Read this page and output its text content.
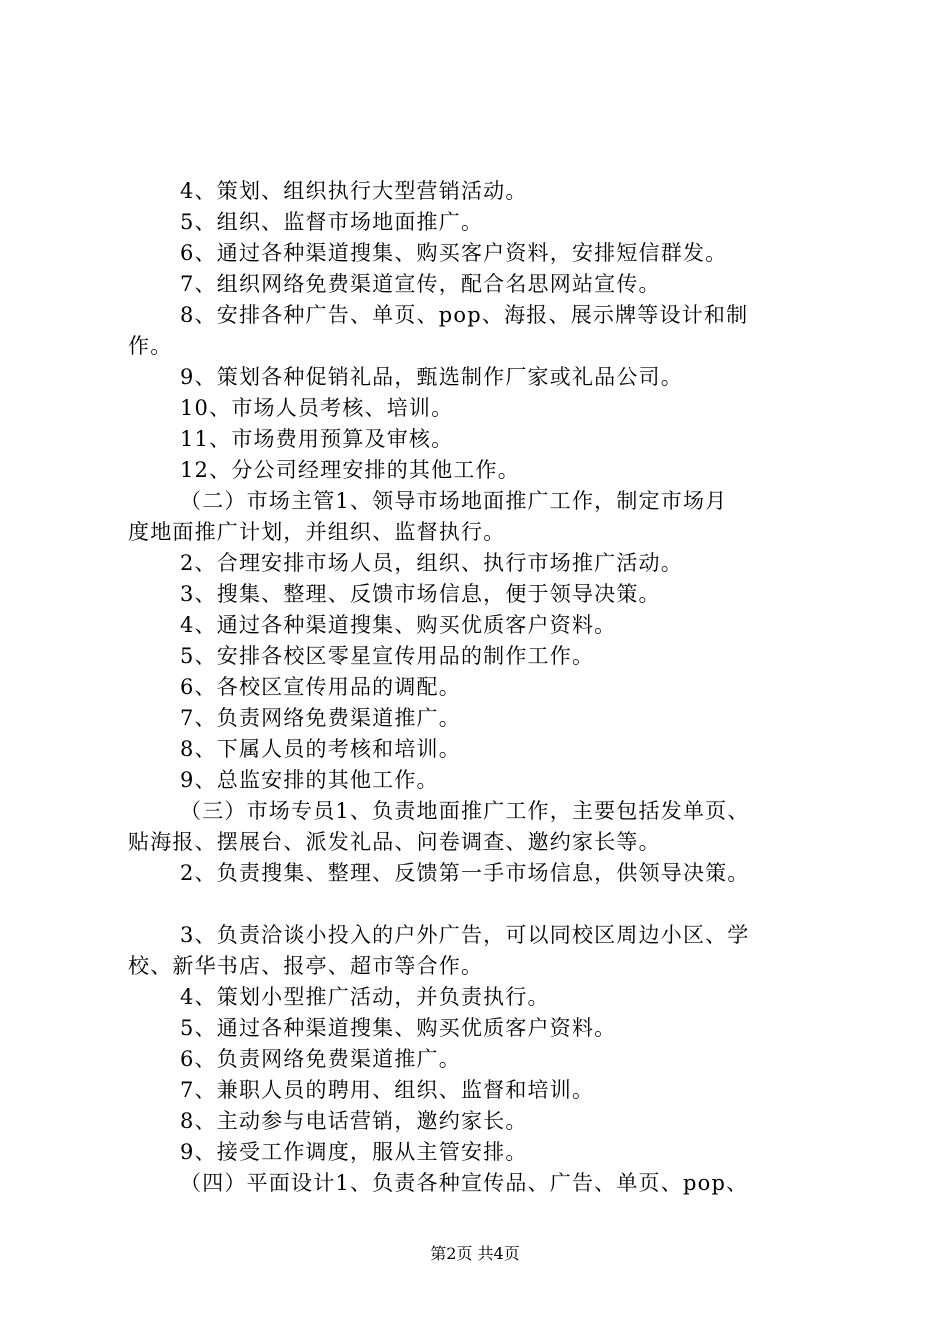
4、策划、组织执行大型营销活动。
5、组织、监督市场地面推广。
6、通过各种渠道搜集、购买客户资料，安排短信群发。
7、组织网络免费渠道宣传，配合名思网站宣传。
8、安排各种广告、单页、pop、海报、展示牌等设计和制
作。
9、策划各种促销礼品，甄选制作厂家或礼品公司。
10、市场人员考核、培训。
11、市场费用预算及审核。
12、分公司经理安排的其他工作。
（二）市场主管1、领导市场地面推广工作，制定市场月
度地面推广计划，并组织、监督执行。
2、合理安排市场人员，组织、执行市场推广活动。
3、搜集、整理、反馈市场信息，便于领导决策。
4、通过各种渠道搜集、购买优质客户资料。
5、安排各校区零星宣传用品的制作工作。
6、各校区宣传用品的调配。
7、负责网络免费渠道推广。
8、下属人员的考核和培训。
9、总监安排的其他工作。
（三）市场专员1、负责地面推广工作，主要包括发单页、
贴海报、摆展台、派发礼品、问卷调查、邀约家长等。
2、负责搜集、整理、反馈第一手市场信息，供领导决策。
3、负责洽谈小投入的户外广告，可以同校区周边小区、学
校、新华书店、报亭、超市等合作。
4、策划小型推广活动，并负责执行。
5、通过各种渠道搜集、购买优质客户资料。
6、负责网络免费渠道推广。
7、兼职人员的聘用、组织、监督和培训。
8、主动参与电话营销，邀约家长。
9、接受工作调度，服从主管安排。
（四）平面设计1、负责各种宣传品、广告、单页、pop、
第2页 共4页
